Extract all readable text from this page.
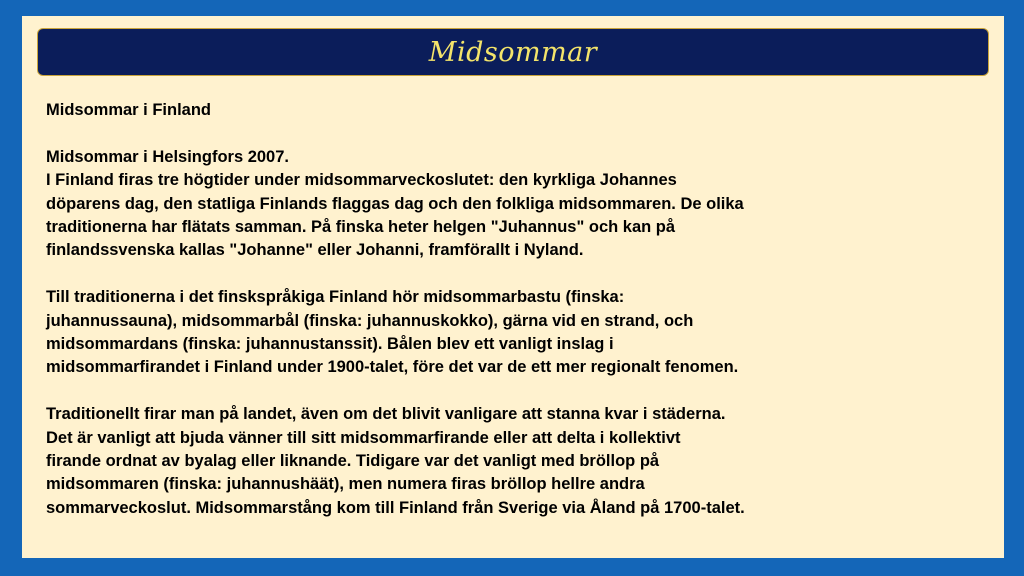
Midsommar

Midsommar i Finland

Midsommar i Helsingfors 2007.
I Finland firas tre högtider under midsommarveckoslutet: den kyrkliga Johannes
döparens dag, den statliga Finlands flaggas dag och den folkliga midsommaren. De olika
traditionerna har flätats samman. På finska heter helgen "Juhannus" och kan på
finlandssvenska kallas "Johanne" eller Johanni, framförallt i Nyland.

Till traditionerna i det finskspråkiga Finland hör midsommarbastu (finska:
juhannussauna), midsommarbål (finska: juhannuskokko), gärna vid en strand, och
midsommardans (finska: juhannustanssit). Bålen blev ett vanligt inslag i
midsommarfirandet i Finland under 1900-talet, före det var de ett mer regionalt fenomen.

Traditionellt firar man på landet, även om det blivit vanligare att stanna kvar i städerna.
Det är vanligt att bjuda vänner till sitt midsommarfirande eller att delta i kollektivt
firande ordnat av byalag eller liknande. Tidigare var det vanligt med bröllop på
midsommaren (finska: juhannushäät), men numera firas bröllop hellre andra
sommarveckoslut. Midsommarstång kom till Finland från Sverige via Åland på 1700-talet.
